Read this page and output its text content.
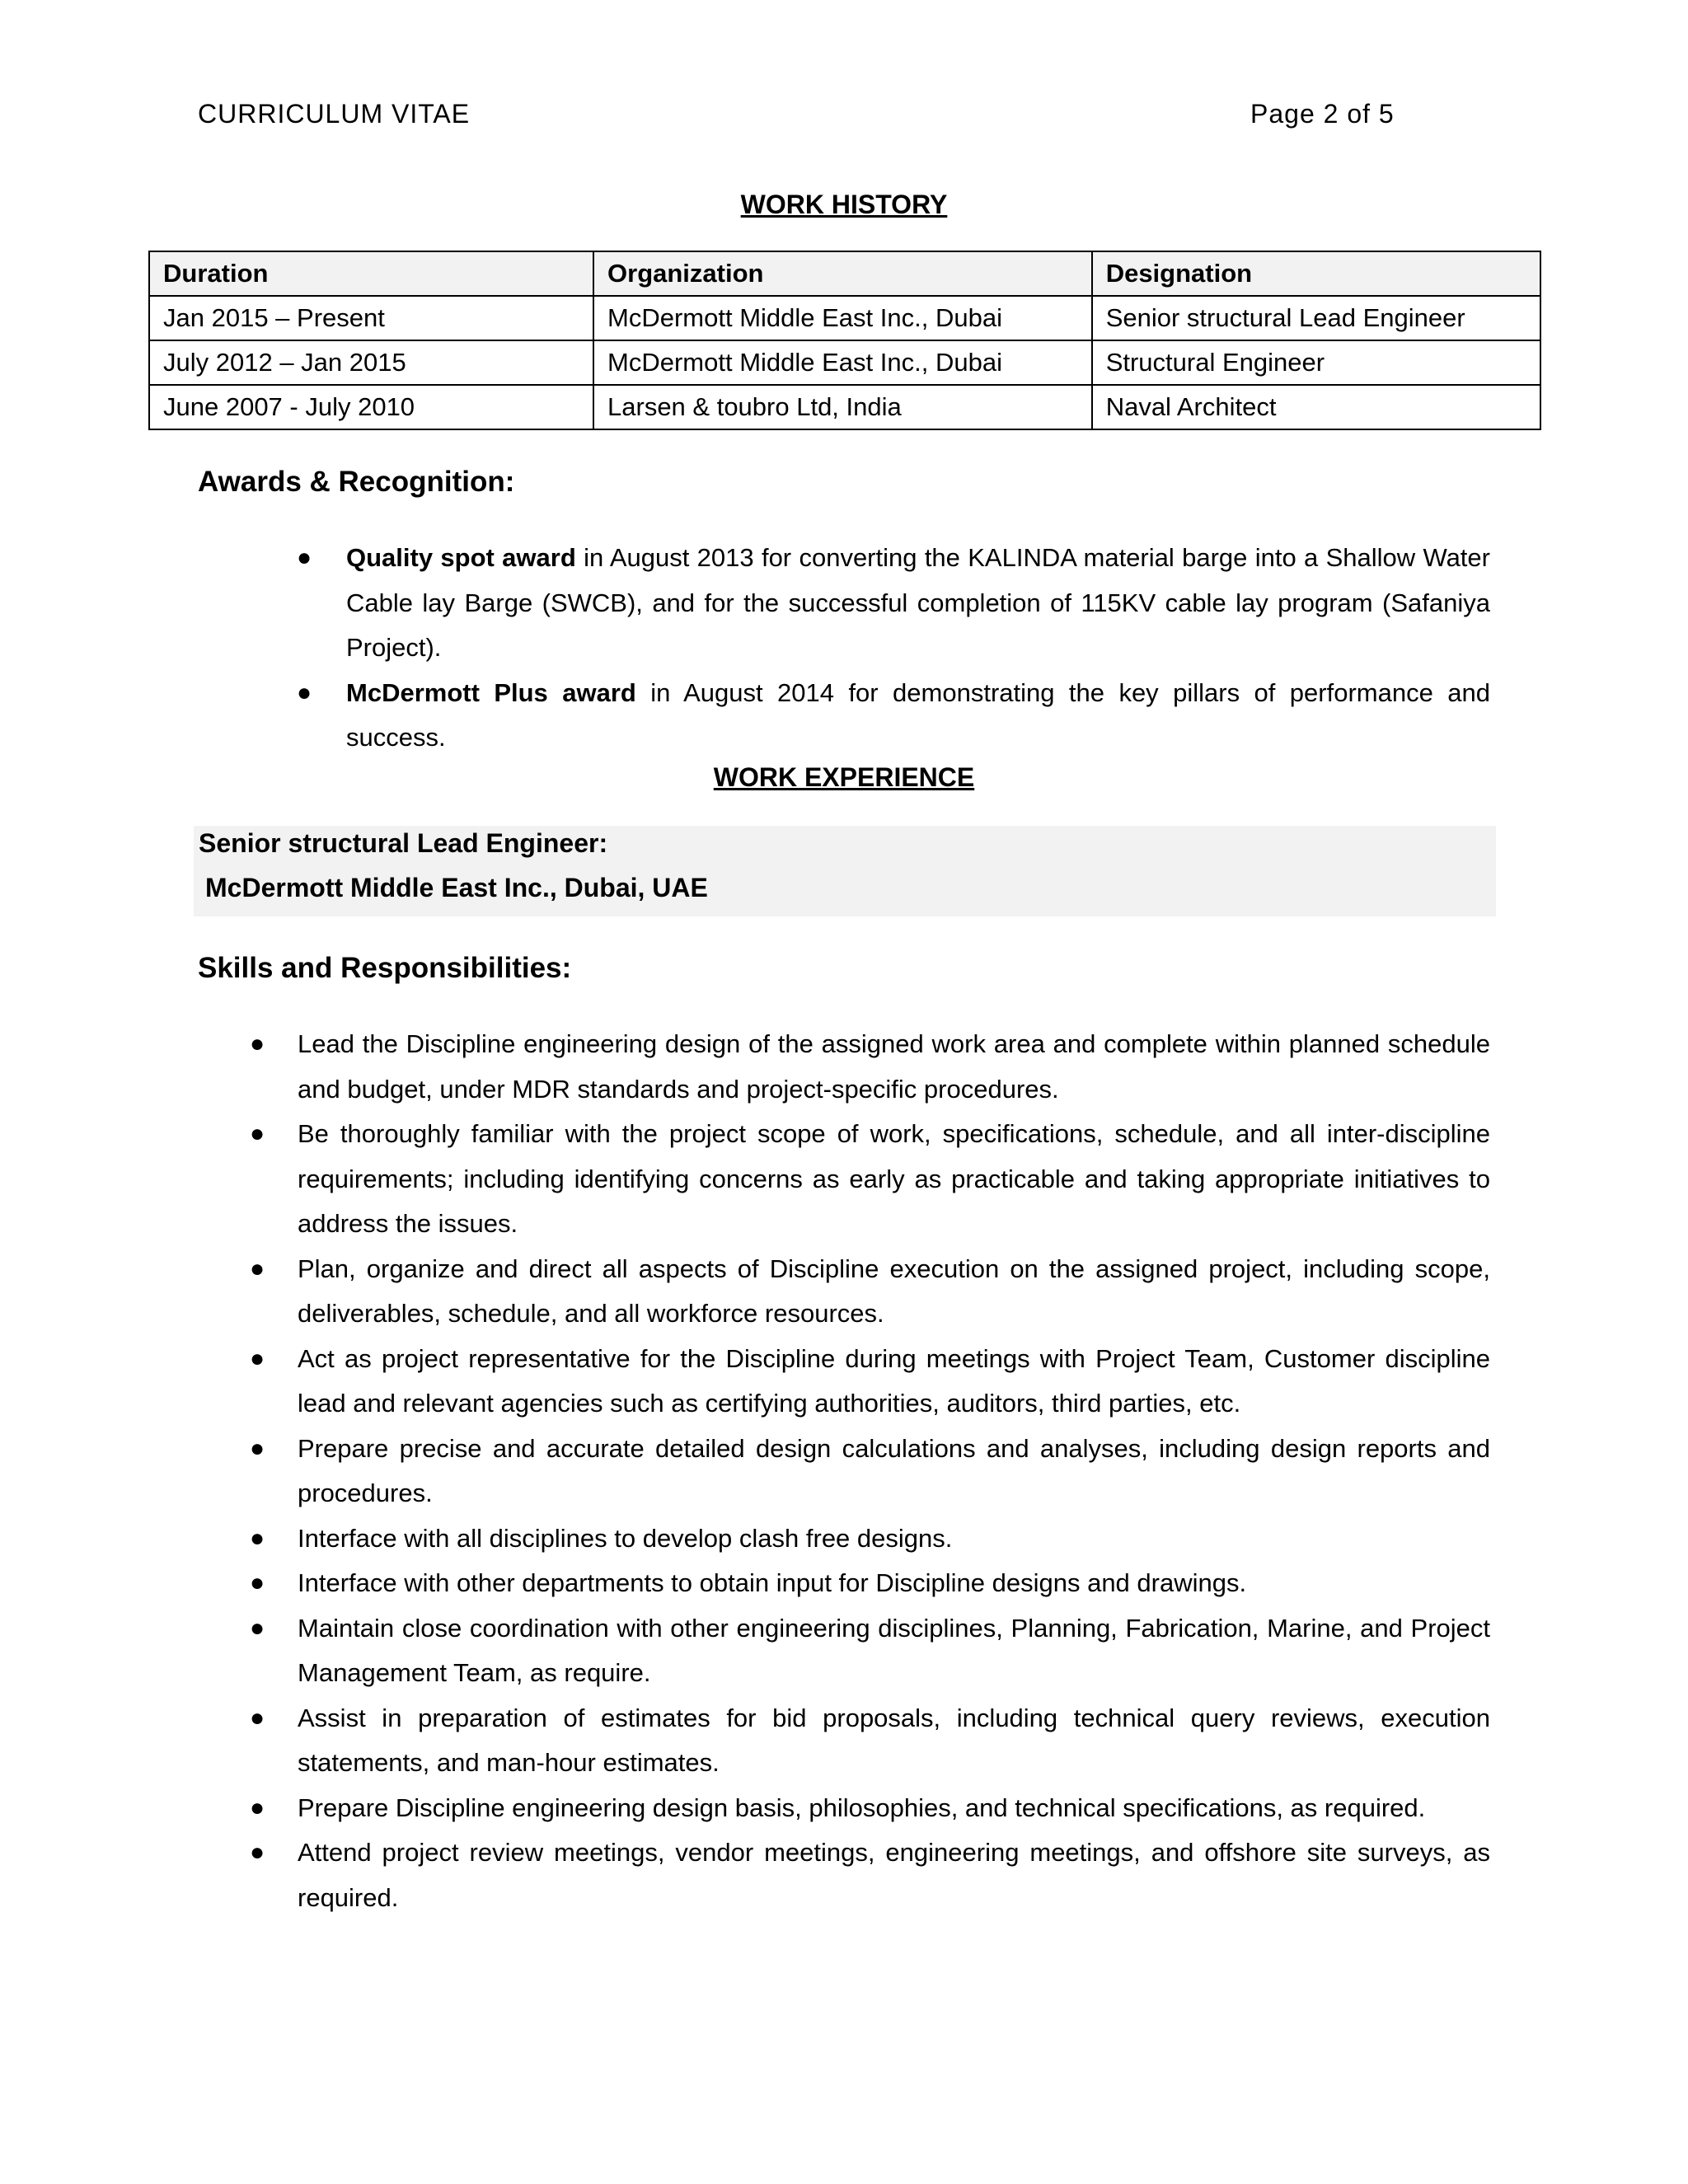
CURRICULUM VITAE	Page 2 of 5
WORK HISTORY
Duration	Organization	Designation
Jan 2015 – Present	McDermott Middle East Inc., Dubai	Senior structural Lead Engineer
July 2012 – Jan 2015	McDermott Middle East Inc., Dubai	Structural Engineer
June 2007 - July 2010	Larsen & toubro Ltd, India	Naval Architect
Awards & Recognition:
● Quality spot award in August 2013 for converting the KALINDA material barge into a Shallow Water Cable lay Barge (SWCB), and for the successful completion of 115KV cable lay program (Safaniya Project).
● McDermott Plus award in August 2014 for demonstrating the key pillars of performance and success.
WORK EXPERIENCE
Senior structural Lead Engineer:
McDermott Middle East Inc., Dubai, UAE
Skills and Responsibilities:
● Lead the Discipline engineering design of the assigned work area and complete within planned schedule and budget, under MDR standards and project-specific procedures.
● Be thoroughly familiar with the project scope of work, specifications, schedule, and all inter-discipline requirements; including identifying concerns as early as practicable and taking appropriate initiatives to address the issues.
● Plan, organize and direct all aspects of Discipline execution on the assigned project, including scope, deliverables, schedule, and all workforce resources.
● Act as project representative for the Discipline during meetings with Project Team, Customer discipline lead and relevant agencies such as certifying authorities, auditors, third parties, etc.
● Prepare precise and accurate detailed design calculations and analyses, including design reports and procedures.
● Interface with all disciplines to develop clash free designs.
● Interface with other departments to obtain input for Discipline designs and drawings.
● Maintain close coordination with other engineering disciplines, Planning, Fabrication, Marine, and Project Management Team, as require.
● Assist in preparation of estimates for bid proposals, including technical query reviews, execution statements, and man-hour estimates.
● Prepare Discipline engineering design basis, philosophies, and technical specifications, as required.
● Attend project review meetings, vendor meetings, engineering meetings, and offshore site surveys, as required.
